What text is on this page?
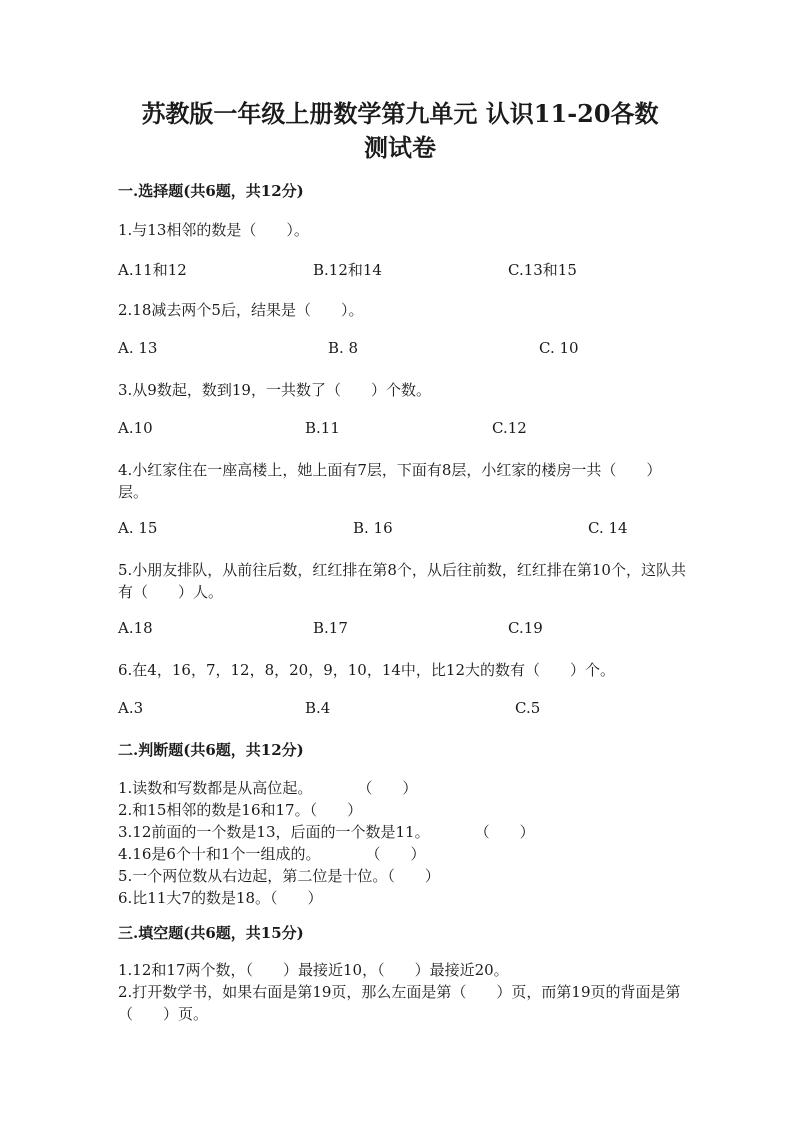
苏教版一年级上册数学第九单元 认识11-20各数
测试卷
一.选择题(共6题，共12分)
1.与13相邻的数是（　　）。
A.11和12	B.12和14	C.13和15
2.18减去两个5后，结果是（　　）。
A. 13	B. 8	C. 10
3.从9数起，数到19，一共数了（　　）个数。
A.10	B.11	C.12
4.小红家住在一座高楼上，她上面有7层，下面有8层，小红家的楼房一共（　　）层。
A. 15	B. 16	C. 14
5.小朋友排队，从前往后数，红红排在第8个，从后往前数，红红排在第10个，这队共有（　　）人。
A.18	B.17	C.19
6.在4，16，7，12，8，20，9，10，14中，比12大的数有（　　）个。
A.3	B.4	C.5
二.判断题(共6题，共12分)
1.读数和写数都是从高位起。　　　　（　　）
2.和15相邻的数是16和17。（　　）
3.12前面的一个数是13，后面的一个数是11。　　　　（　　）
4.16是6个十和1个一组成的。　　　　（　　）
5.一个两位数从右边起，第二位是十位。（　　）
6.比11大7的数是18。（　　）
三.填空题(共6题，共15分)
1.12和17两个数，（　　）最接近10，（　　）最接近20。
2.打开数学书，如果右面是第19页，那么左面是第（　　）页，而第19页的背面是第（　　）页。
